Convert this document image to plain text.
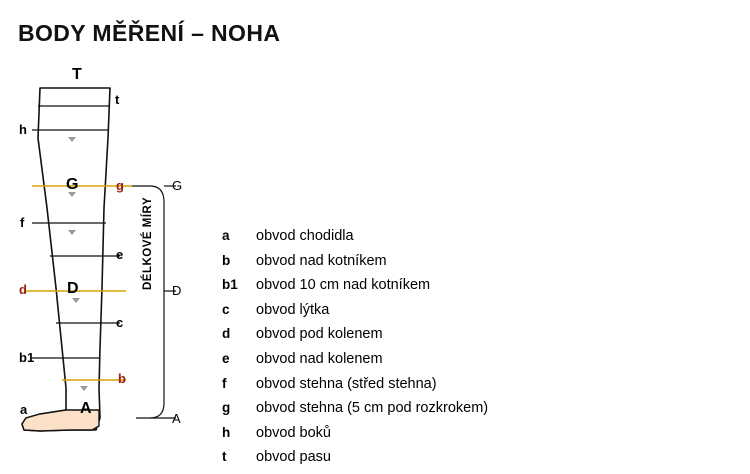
BODY MĚŘENÍ – NOHA
T
t
h
G	g
f
e
d	D
c
b1
b
a	A
G
D
A
DÉLKOVÉ MÍRY	a	obvod chodidla
b	obvod nad kotníkem
b1	obvod 10 cm nad kotníkem
c	obvod lýtka
d	obvod pod kolenem
e	obvod nad kolenem
f	obvod stehna (střed stehna)
g	obvod stehna (5 cm pod rozkrokem)
h	obvod boků
t	obvod pasu
